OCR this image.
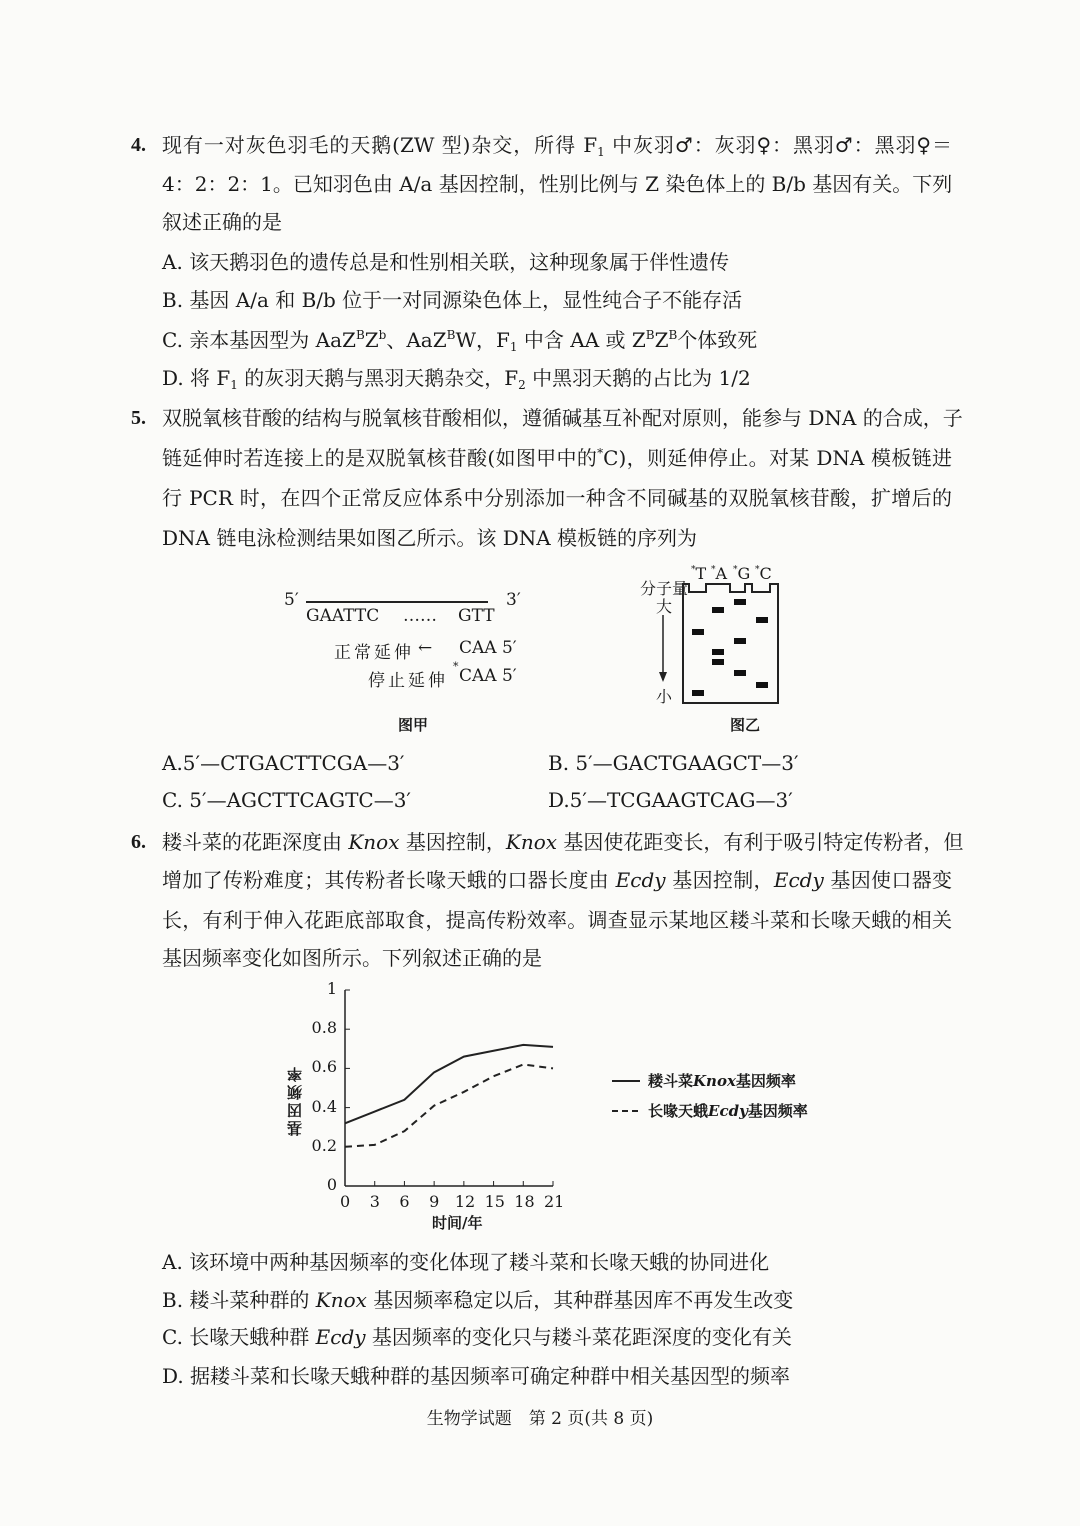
4.
5.
6.
5′	3′
GAATTC …… GTT
正常延伸 ← CAA 5′
停止延伸
* CAA 5′
图甲
分子量
大
小
图乙
*T *A *G *C
基因频率
时间/年
0
0.2
0.4
0.6
0.8
1
0 3 6 9 12 15 18 21
耧斗菜Knox基因频率
长喙天蛾Ecdy基因频率
生物学试题　第 2 页(共 8 页)
现有一对灰色羽毛的天鹅(ZW 型)杂交，所得 $F_1$ 中灰羽♂：灰羽♀：黑羽♂：黑羽♀＝
4：2：2：1。已知羽色由 A/a 基因控制，性别比例与 Z 染色体上的 B/b 基因有关。下列
叙述正确的是
A. 该天鹅羽色的遗传总是和性别相关联，这种现象属于伴性遗传
B. 基因 A/a 和 B/b 位于一对同源染色体上，显性纯合子不能存活
C. 亲本基因型为 $AaZ^BZ^b$、AaZ$^B$W，$F_1$ 中含 AA 或 $Z^BZ^B$个体致死
D. 将 $F_1$ 的灰羽天鹅与黑羽天鹅杂交，$F_2$ 中黑羽天鹅的占比为 1/2
双脱氧核苷酸的结构与脱氧核苷酸相似，遵循碱基互补配对原则，能参与 DNA 的合成，子
链延伸时若连接上的是双脱氧核苷酸(如图甲中的*C)，则延伸停止。对某 DNA 模板链进
行 PCR 时，在四个正常反应体系中分别添加一种含不同碱基的双脱氧核苷酸，扩增后的
DNA 链电泳检测结果如图乙所示。该 DNA 模板链的序列为
A.5′—CTGACTTCGA—3′	B. 5′—GACTGAAGCT—3′
C. 5′—AGCTTCAGTC—3′	D.5′—TCGAAGTCAG—3′
耧斗菜的花距深度由 Knox 基因控制，Knox 基因使花距变长，有利于吸引特定传粉者，但
增加了传粉难度；其传粉者长喙天蛾的口器长度由 Ecdy 基因控制，Ecdy 基因使口器变
长，有利于伸入花距底部取食，提高传粉效率。调查显示某地区耧斗菜和长喙天蛾的相关
基因频率变化如图所示。下列叙述正确的是
A. 该环境中两种基因频率的变化体现了耧斗菜和长喙天蛾的协同进化
B. 耧斗菜种群的 Knox 基因频率稳定以后，其种群基因库不再发生改变
C. 长喙天蛾种群 Ecdy 基因频率的变化只与耧斗菜花距深度的变化有关
D. 据耧斗菜和长喙天蛾种群的基因频率可确定种群中相关基因型的频率
